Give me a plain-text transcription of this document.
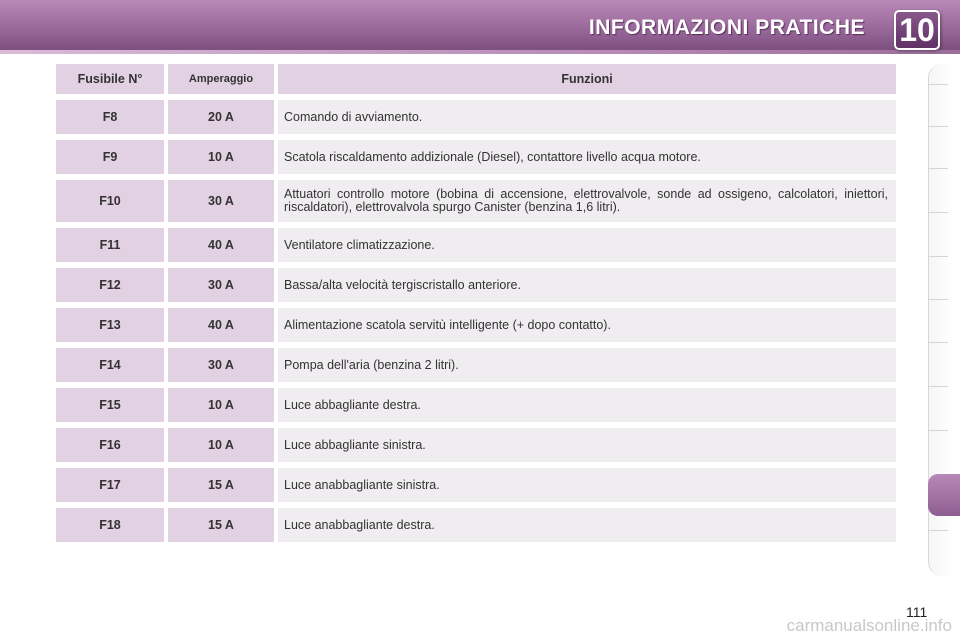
INFORMAZIONI PRATICHE 10
Fusibile N°	Amperaggio	Funzioni
F8	20 A	Comando di avviamento.
F9	10 A	Scatola riscaldamento addizionale (Diesel), contattore livello acqua motore.
F10	30 A	Attuatori controllo motore (bobina di accensione, elettrovalvole, sonde ad ossigeno, calcolatori, iniettori, riscaldatori), elettrovalvola spurgo Canister (benzina 1,6 litri).
F11	40 A	Ventilatore climatizzazione.
F12	30 A	Bassa/alta velocità tergiscristallo anteriore.
F13	40 A	Alimentazione scatola servitù intelligente (+ dopo contatto).
F14	30 A	Pompa dell'aria (benzina 2 litri).
F15	10 A	Luce abbagliante destra.
F16	10 A	Luce abbagliante sinistra.
F17	15 A	Luce anabbagliante sinistra.
F18	15 A	Luce anabbagliante destra.
111
carmanualsonline.info
